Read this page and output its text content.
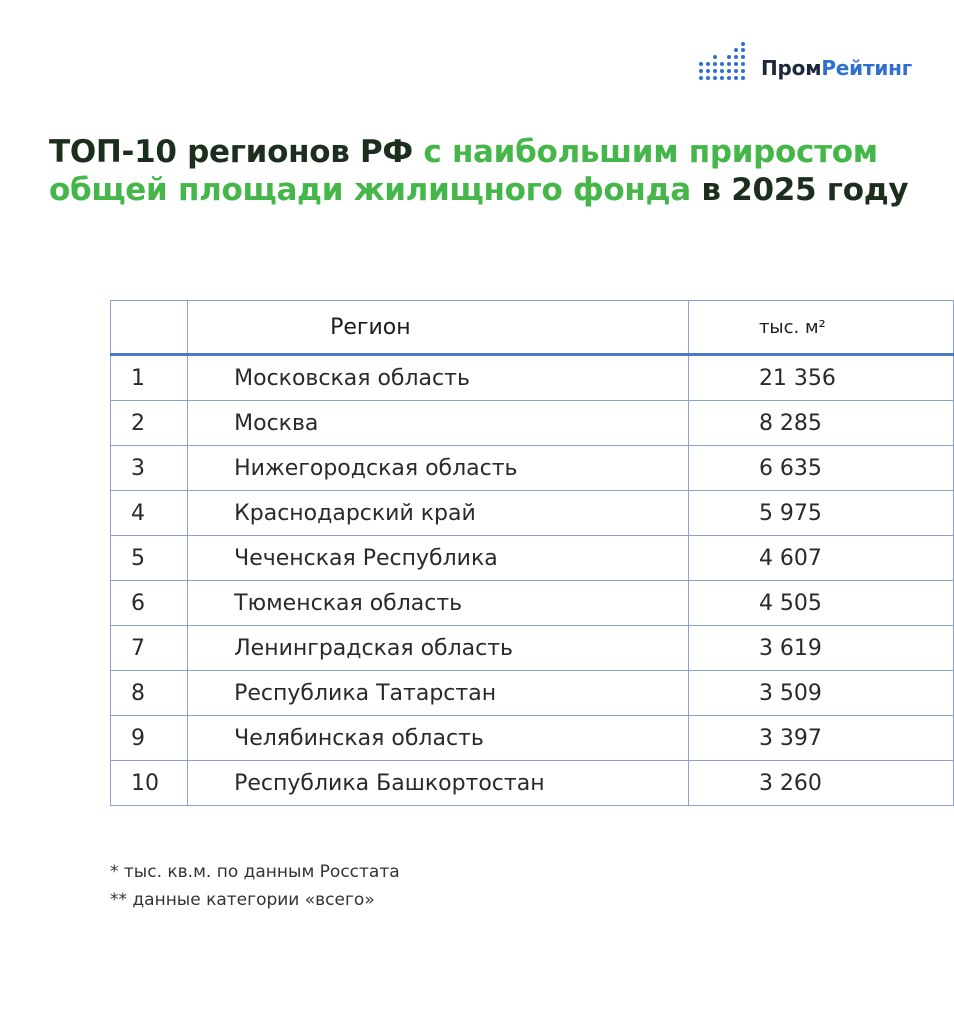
ПромРейтинг
ТОП-10 регионов РФ с наибольшим приростом
общей площади жилищного фонда в 2025 году
	Регион	тыс. м²
1	Московская область	21 356
2	Москва	8 285
3	Нижегородская область	6 635
4	Краснодарский край	5 975
5	Чеченская Республика	4 607
6	Тюменская область	4 505
7	Ленинградская область	3 619
8	Республика Татарстан	3 509
9	Челябинская область	3 397
10	Республика Башкортостан	3 260
* тыс. кв.м. по данным Росстата
** данные категории «всего»
